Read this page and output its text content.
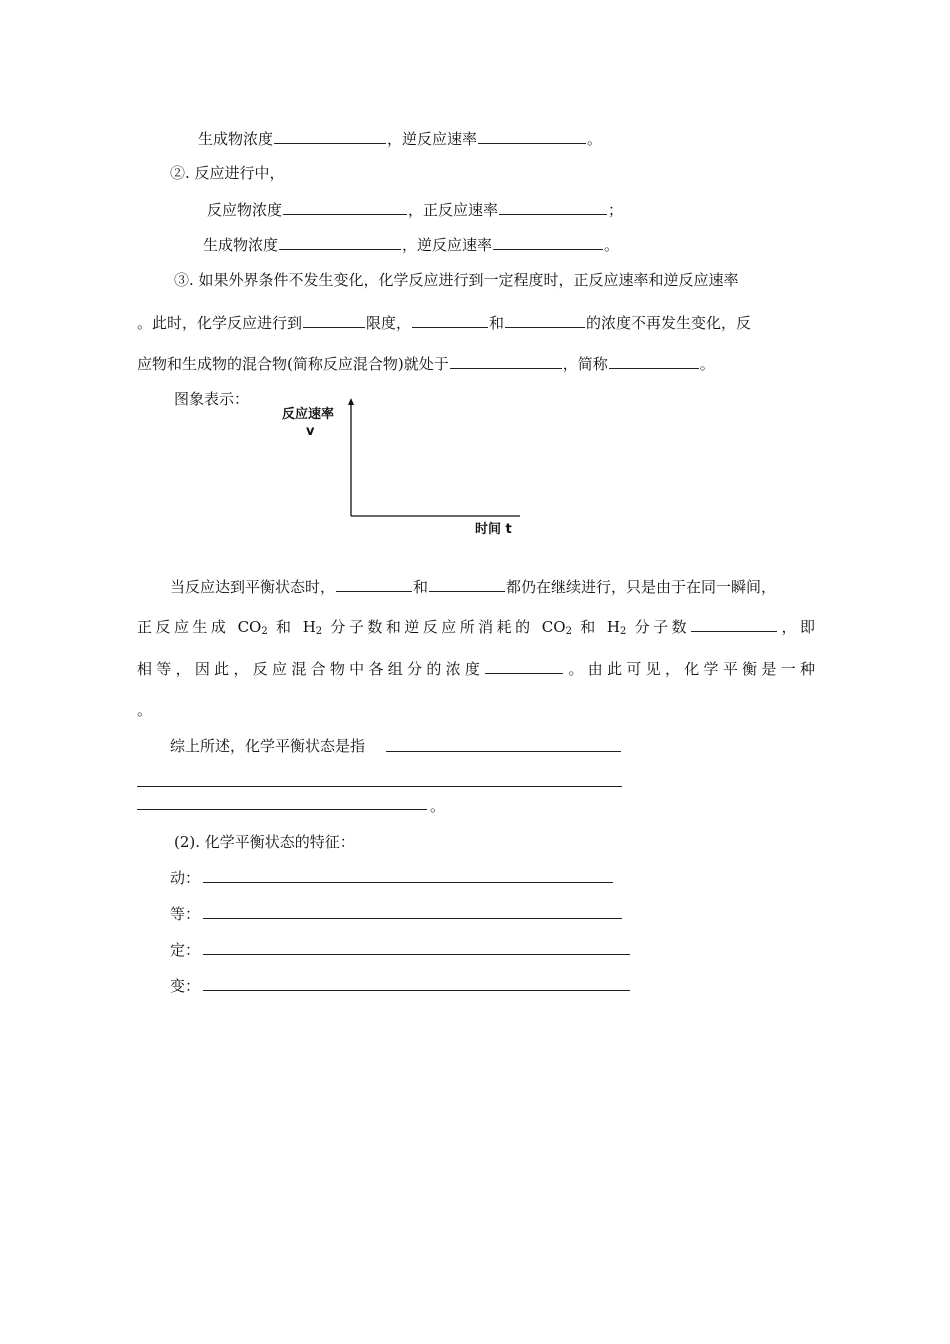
生成物浓度	，逆反应速率	。
②. 反应进行中，
反应物浓度	，正反应速率	；
生成物浓度	，逆反应速率	。
③. 如果外界条件不发生变化，化学反应进行到一定程度时，正反应速率和逆反应速率
。此时，化学反应进行到	限度，	和	的浓度不再发生变化，反
应物和生成物的混合物(简称反应混合物)就处于	，简称	。
图象表示：
反应速率
v
时间 t
当反应达到平衡状态时，	和	都仍在继续进行，只是由于在同一瞬间，
正反应生成 $CO_2$ 和 $H_2$ 分子数和逆反应所消耗的 $CO_2$ 和 $H_2$ 分子数	，即
相等，因此，反应混合物中各组分的浓度	。由此可见，化学平衡是一种
。
综上所述，化学平衡状态是指
。
(2). 化学平衡状态的特征：
动：
等：
定：
变：
